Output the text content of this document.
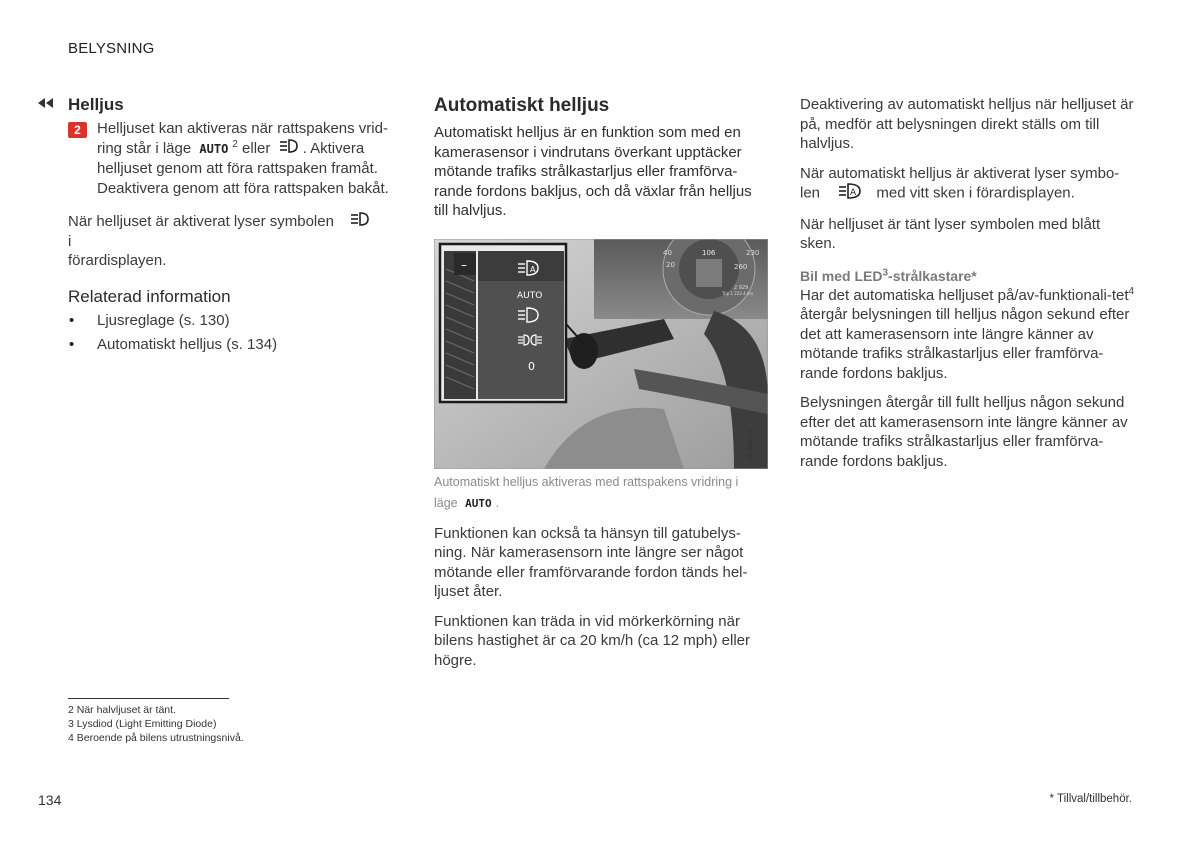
BELYSNING
Helljus
2	Helljuset kan aktiveras när rattspakens vrid-
ring står i läge AUTO $^2$ eller . Aktivera
helljuset genom att föra rattspaken framåt.
Deaktivera genom att föra rattspaken bakåt.

När helljuset är aktiverat lyser symbolen  i
förardisplayen.

Relaterad information
• Ljusreglage (s. 130)
• Automatiskt helljus (s. 134)
Automatiskt helljus

Automatiskt helljus är en funktion som med en kamerasensor i vindrutans överkant upptäcker mötande trafiks strålkastarljus eller framförva-rande fordons bakljus, och då växlar från helljus till halvljus.

40	230
20
106
260
2 929
Trip 1 222.4 km
–	A
AUTO
0
G0 065 71
Automatiskt helljus aktiveras med rattspakens vridring i
läge AUTO .

Funktionen kan också ta hänsyn till gatubelys-ning. När kamerasensorn inte längre ser något mötande eller framförvarande fordon tänds hel-ljuset åter.

Funktionen kan träda in vid mörkerkörning när bilens hastighet är ca 20 km/h (ca 12 mph) eller högre.

Deaktivering av automatiskt helljus när helljuset är på, medför att belysningen direkt ställs om till halvljus.

När automatiskt helljus är aktiverat lyser symbo-
len	A med vitt sken i förardisplayen.

När helljuset är tänt lyser symbolen med blått sken.

Bil med LED$^3$-strålkastare*

Har det automatiska helljuset på/av-funktionali-tet$^4$ återgår belysningen till helljus någon sekund efter det att kamerasensorn inte längre känner av mötande trafiks strålkastarljus eller framförva-rande fordons bakljus.

Belysningen återgår till fullt helljus någon sekund efter det att kamerasensorn inte längre känner av mötande trafiks strålkastarljus eller framförva-rande fordons bakljus.

2 När halvljuset är tänt.
3 Lysdiod (Light Emitting Diode)
4 Beroende på bilens utrustningsnivå.
134	* Tillval/tillbehör.
